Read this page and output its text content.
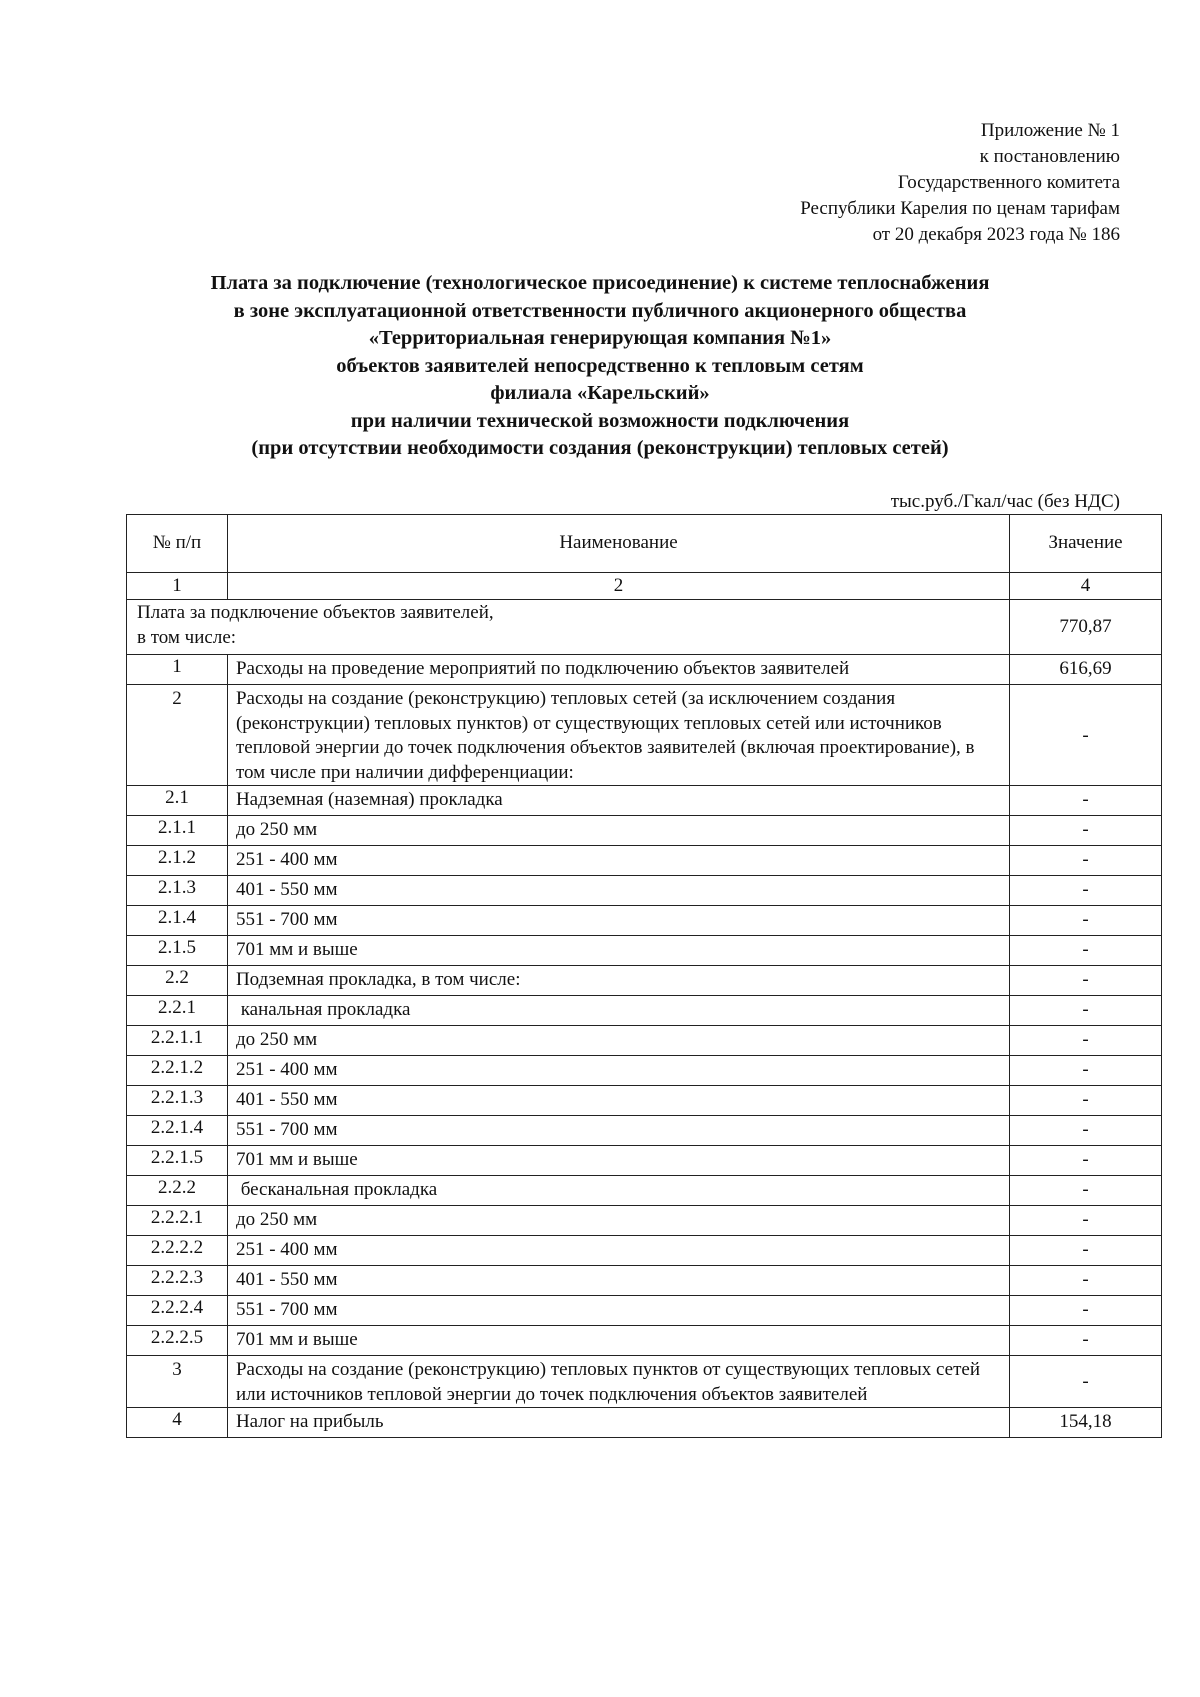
Приложение № 1
к постановлению
Государственного комитета
Республики Карелия по ценам тарифам
от 20 декабря 2023 года № 186
Плата за подключение (технологическое присоединение) к системе теплоснабжения
в зоне эксплуатационной ответственности публичного акционерного общества
«Территориальная генерирующая компания №1»
объектов заявителей непосредственно к тепловым сетям
филиала «Карельский»
при наличии технической возможности подключения
(при отсутствии необходимости создания (реконструкции) тепловых сетей)
тыс.руб./Гкал/час (без НДС)
№ п/п	Наименование	Значение
1	2	4

Плата за подключение объектов заявителей,
в том числе:		770,87
1	Расходы на проведение мероприятий по подключению объектов заявителей	616,69
2	Расходы на создание (реконструкцию) тепловых сетей (за исключением создания (реконструкции) тепловых пунктов) от существующих тепловых сетей или источников тепловой энергии до точек подключения объектов заявителей (включая проектирование), в том числе при наличии дифференциации:	-
2.1	Надземная (наземная) прокладка	-
2.1.1	до 250 мм	-
2.1.2	251 - 400 мм	-
2.1.3	401 - 550 мм	-
2.1.4	551 - 700 мм	-
2.1.5	701 мм и выше	-
2.2	Подземная прокладка, в том числе:	-
2.2.1	канальная прокладка	-
2.2.1.1	до 250 мм	-
2.2.1.2	251 - 400 мм	-
2.2.1.3	401 - 550 мм	-
2.2.1.4	551 - 700 мм	-
2.2.1.5	701 мм и выше	-
2.2.2	бесканальная прокладка	-
2.2.2.1	до 250 мм	-
2.2.2.2	251 - 400 мм	-
2.2.2.3	401 - 550 мм	-
2.2.2.4	551 - 700 мм	-
2.2.2.5	701 мм и выше	-
3	Расходы на создание (реконструкцию) тепловых пунктов от существующих тепловых сетей или источников тепловой энергии до точек подключения объектов заявителей	-
4	Налог на прибыль	154,18
